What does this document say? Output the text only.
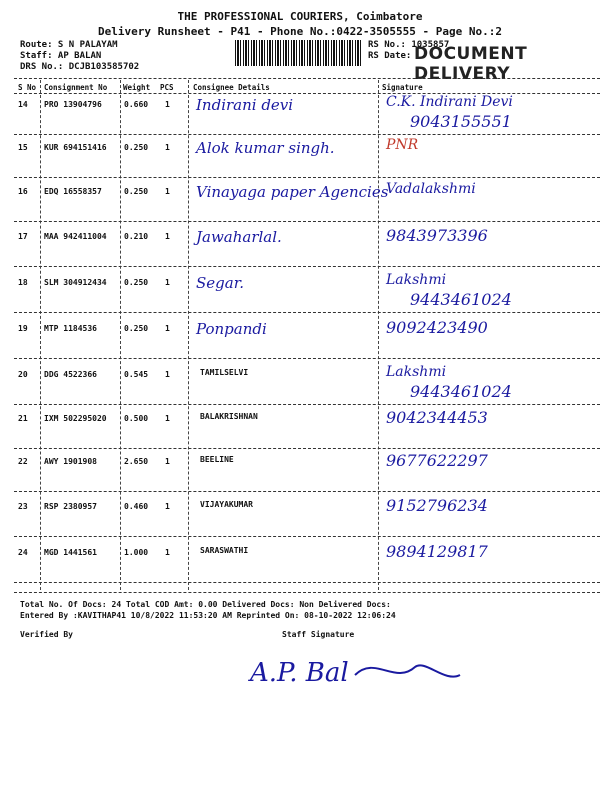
THE PROFESSIONAL COURIERS, Coimbatore
Delivery Runsheet - P41 - Phone No.:0422-3505555 - Page No.:2
Route: S N PALAYAM
Staff: AP BALAN
DRS No.: DCJB103585702
RS No.: 1035857
RS Date: DOCUMENT DELIVERY
S No Consignment No Weight PCS	Consignee Details	Signature
14 PRO 13904796	0.660 1 Indirani devi	C.K. Indirani Devi
9043155551
15 KUR 694151416 0.250 1 Alok kumar singh.	PNR
16 EDQ 16558357	0.250 1 Vinayaga paper Agencies
Vadalakshmi
17 MAA 942411004 0.210 1 Jawaharlal.	9843973396
18 SLM 304912434 0.250 1 Segar.	Lakshmi
9443461024
19 MTP 1184536	0.250 1 Ponpandi	9092423490
20 DDG 4522366	0.545 1	TAMILSELVI	Lakshmi
9443461024
21 IXM 502295020 0.500 1	BALAKRISHNAN	9042344453
22 AWY 1901908	2.650 1	BEELINE	9677622297
23 RSP 2380957	0.460 1	VIJAYAKUMAR	9152796234
24 MGD 1441561	1.000 1	SARASWATHI	9894129817
Total No. Of Docs: 24 Total COD Amt: 0.00 Delivered Docs: Non Delivered Docs:
Entered By :KAVITHAP41 10/8/2022 11:53:20 AM Reprinted On: 08-10-2022 12:06:24
Verified By	Staff Signature
A.P. Bal
